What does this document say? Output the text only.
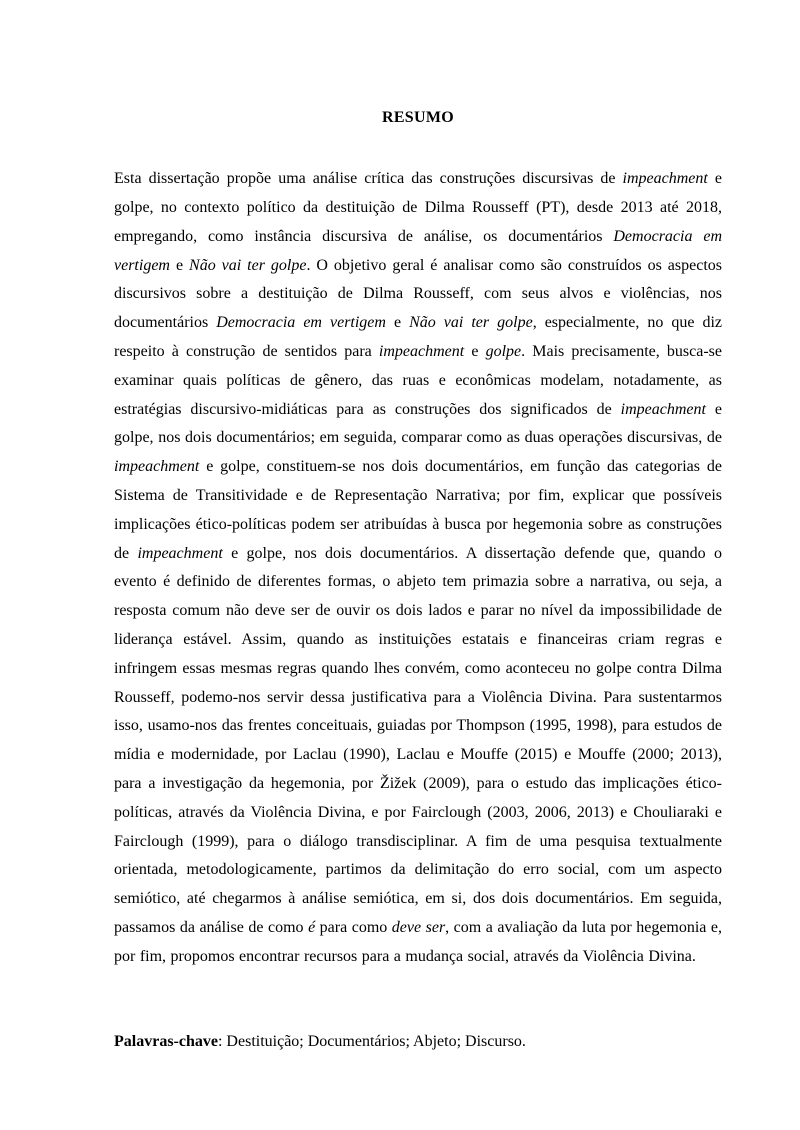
RESUMO

Esta dissertação propõe uma análise crítica das construções discursivas de impeachment e golpe, no contexto político da destituição de Dilma Rousseff (PT), desde 2013 até 2018, empregando, como instância discursiva de análise, os documentários Democracia em vertigem e Não vai ter golpe. O objetivo geral é analisar como são construídos os aspectos discursivos sobre a destituição de Dilma Rousseff, com seus alvos e violências, nos documentários Democracia em vertigem e Não vai ter golpe, especialmente, no que diz respeito à construção de sentidos para impeachment e golpe. Mais precisamente, busca-se examinar quais políticas de gênero, das ruas e econômicas modelam, notadamente, as estratégias discursivo-midiáticas para as construções dos significados de impeachment e golpe, nos dois documentários; em seguida, comparar como as duas operações discursivas, de impeachment e golpe, constituem-se nos dois documentários, em função das categorias de Sistema de Transitividade e de Representação Narrativa; por fim, explicar que possíveis implicações ético-políticas podem ser atribuídas à busca por hegemonia sobre as construções de impeachment e golpe, nos dois documentários. A dissertação defende que, quando o evento é definido de diferentes formas, o abjeto tem primazia sobre a narrativa, ou seja, a resposta comum não deve ser de ouvir os dois lados e parar no nível da impossibilidade de liderança estável. Assim, quando as instituições estatais e financeiras criam regras e infringem essas mesmas regras quando lhes convém, como aconteceu no golpe contra Dilma Rousseff, podemo-nos servir dessa justificativa para a Violência Divina. Para sustentarmos isso, usamo-nos das frentes conceituais, guiadas por Thompson (1995, 1998), para estudos de mídia e modernidade, por Laclau (1990), Laclau e Mouffe (2015) e Mouffe (2000; 2013), para a investigação da hegemonia, por Žižek (2009), para o estudo das implicações ético-políticas, através da Violência Divina, e por Fairclough (2003, 2006, 2013) e Chouliaraki e Fairclough (1999), para o diálogo transdisciplinar. A fim de uma pesquisa textualmente orientada, metodologicamente, partimos da delimitação do erro social, com um aspecto semiótico, até chegarmos à análise semiótica, em si, dos dois documentários. Em seguida, passamos da análise de como é para como deve ser, com a avaliação da luta por hegemonia e, por fim, propomos encontrar recursos para a mudança social, através da Violência Divina.

Palavras-chave: Destituição; Documentários; Abjeto; Discurso.
